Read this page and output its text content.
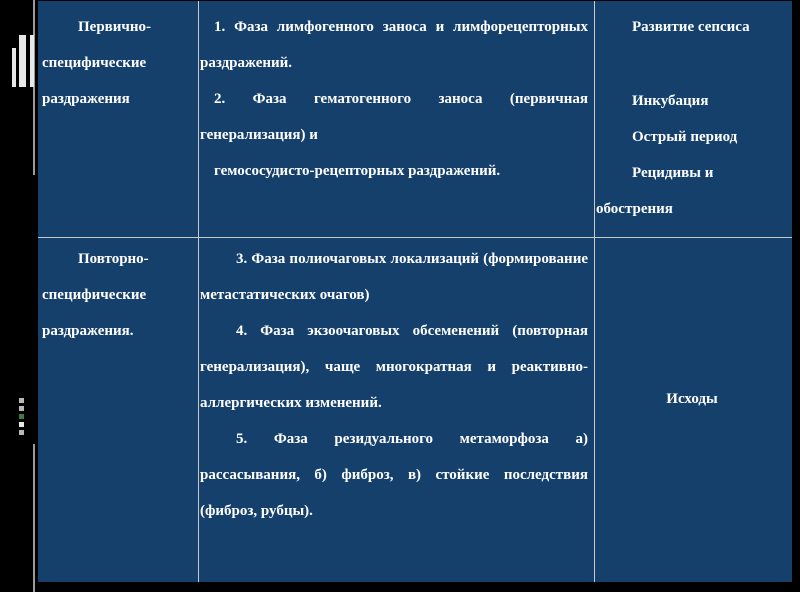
Первично-специфические раздражения

1. Фаза лимфогенного заноса и лимфорецепторных раздражений.

2. Фаза гематогенного заноса (первичная генерализация) и

гемососудисто-рецепторных раздражений.

Развитие сепсиса

Инкубация

Острый период

Рецидивы и обострения

Повторно-специфические раздражения.

3. Фаза полиочаговых локализаций (формирование метастатических очагов)

4. Фаза экзоочаговых обсеменений (повторная генерализация), чаще многократная и реактивно-аллергических изменений.

5. Фаза резидуального метаморфоза а) рассасывания, б) фиброз, в) стойкие последствия (фиброз, рубцы).

Исходы
